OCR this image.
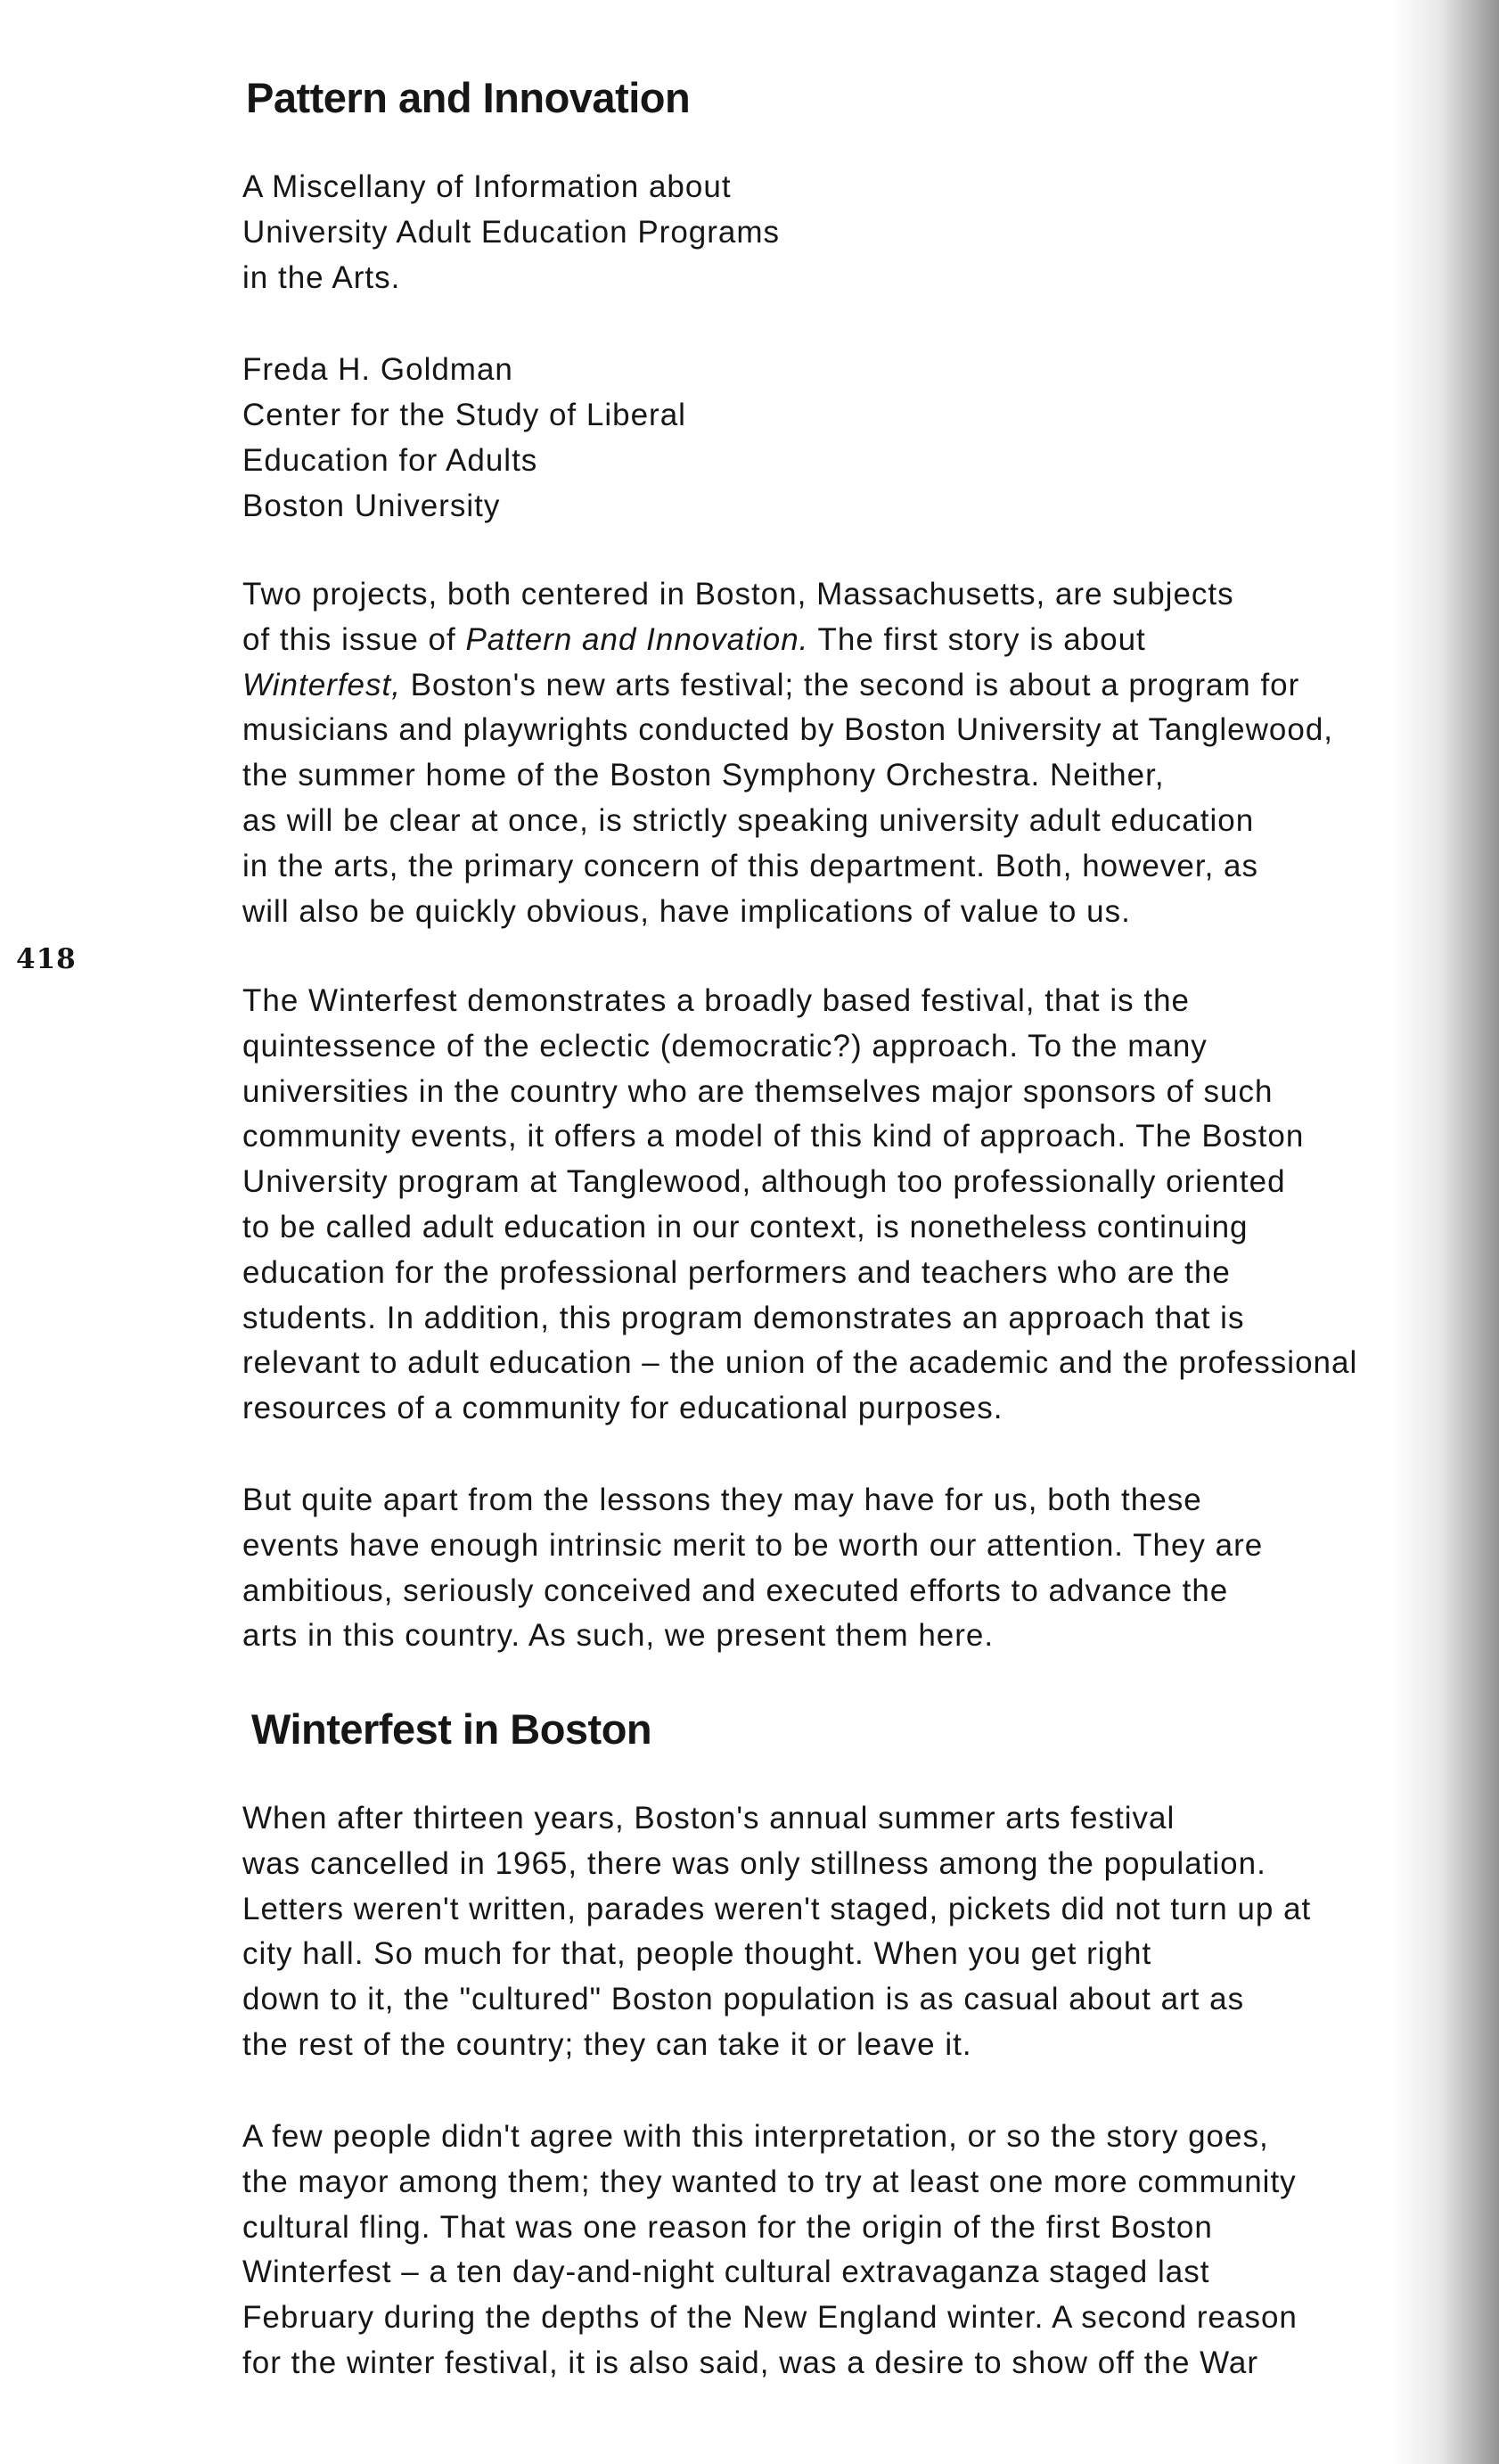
418
Pattern and Innovation
A Miscellany of Information about
University Adult Education Programs
in the Arts.
Freda H. Goldman
Center for the Study of Liberal
Education for Adults
Boston University
Two projects, both centered in Boston, Massachusetts, are subjects
of this issue of Pattern and Innovation. The first story is about
Winterfest, Boston's new arts festival; the second is about a program for
musicians and playwrights conducted by Boston University at Tanglewood,
the summer home of the Boston Symphony Orchestra. Neither,
as will be clear at once, is strictly speaking university adult education
in the arts, the primary concern of this department. Both, however, as
will also be quickly obvious, have implications of value to us.
The Winterfest demonstrates a broadly based festival, that is the
quintessence of the eclectic (democratic?) approach. To the many
universities in the country who are themselves major sponsors of such
community events, it offers a model of this kind of approach. The Boston
University program at Tanglewood, although too professionally oriented
to be called adult education in our context, is nonetheless continuing
education for the professional performers and teachers who are the
students. In addition, this program demonstrates an approach that is
relevant to adult education – the union of the academic and the professional
resources of a community for educational purposes.
But quite apart from the lessons they may have for us, both these
events have enough intrinsic merit to be worth our attention. They are
ambitious, seriously conceived and executed efforts to advance the
arts in this country. As such, we present them here.
Winterfest in Boston
When after thirteen years, Boston's annual summer arts festival
was cancelled in 1965, there was only stillness among the population.
Letters weren't written, parades weren't staged, pickets did not turn up at
city hall. So much for that, people thought. When you get right
down to it, the "cultured" Boston population is as casual about art as
the rest of the country; they can take it or leave it.
A few people didn't agree with this interpretation, or so the story goes,
the mayor among them; they wanted to try at least one more community
cultural fling. That was one reason for the origin of the first Boston
Winterfest – a ten day-and-night cultural extravaganza staged last
February during the depths of the New England winter. A second reason
for the winter festival, it is also said, was a desire to show off the War
